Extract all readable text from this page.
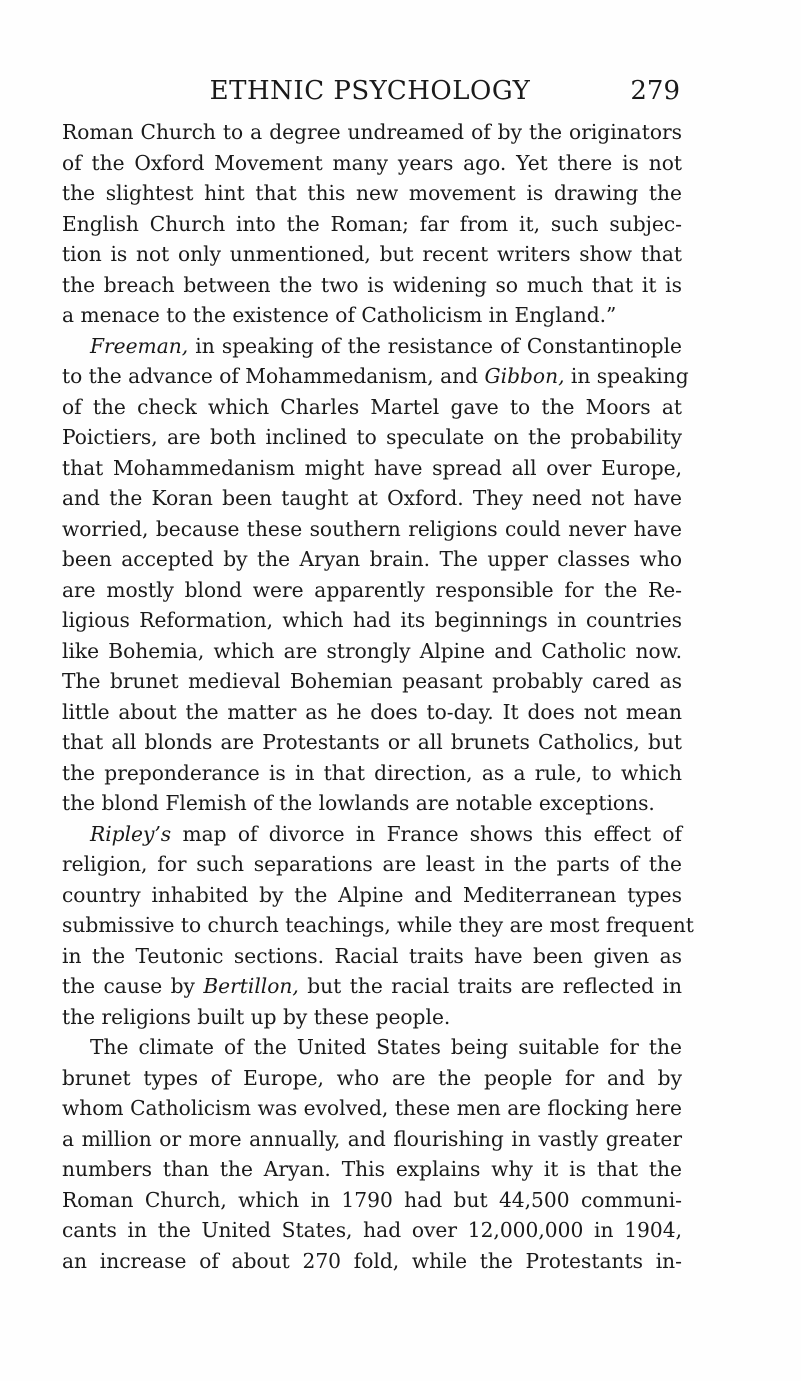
ETHNIC PSYCHOLOGY	279
Roman Church to a degree undreamed of by the originators
of the Oxford Movement many years ago. Yet there is not
the slightest hint that this new movement is drawing the
English Church into the Roman; far from it, such subjec-
tion is not only unmentioned, but recent writers show that
the breach between the two is widening so much that it is
a menace to the existence of Catholicism in England.”
Freeman, in speaking of the resistance of Constantinople
to the advance of Mohammedanism, and Gibbon, in speaking
of the check which Charles Martel gave to the Moors at
Poictiers, are both inclined to speculate on the probability
that Mohammedanism might have spread all over Europe,
and the Koran been taught at Oxford. They need not have
worried, because these southern religions could never have
been accepted by the Aryan brain. The upper classes who
are mostly blond were apparently responsible for the Re-
ligious Reformation, which had its beginnings in countries
like Bohemia, which are strongly Alpine and Catholic now.
The brunet medieval Bohemian peasant probably cared as
little about the matter as he does to-day. It does not mean
that all blonds are Protestants or all brunets Catholics, but
the preponderance is in that direction, as a rule, to which
the blond Flemish of the lowlands are notable exceptions.
Ripley’s map of divorce in France shows this effect of
religion, for such separations are least in the parts of the
country inhabited by the Alpine and Mediterranean types
submissive to church teachings, while they are most frequent
in the Teutonic sections. Racial traits have been given as
the cause by Bertillon, but the racial traits are reflected in
the religions built up by these people.
The climate of the United States being suitable for the
brunet types of Europe, who are the people for and by
whom Catholicism was evolved, these men are flocking here
a million or more annually, and flourishing in vastly greater
numbers than the Aryan. This explains why it is that the
Roman Church, which in 1790 had but 44,500 communi-
cants in the United States, had over 12,000,000 in 1904,
an increase of about 270 fold, while the Protestants in-
